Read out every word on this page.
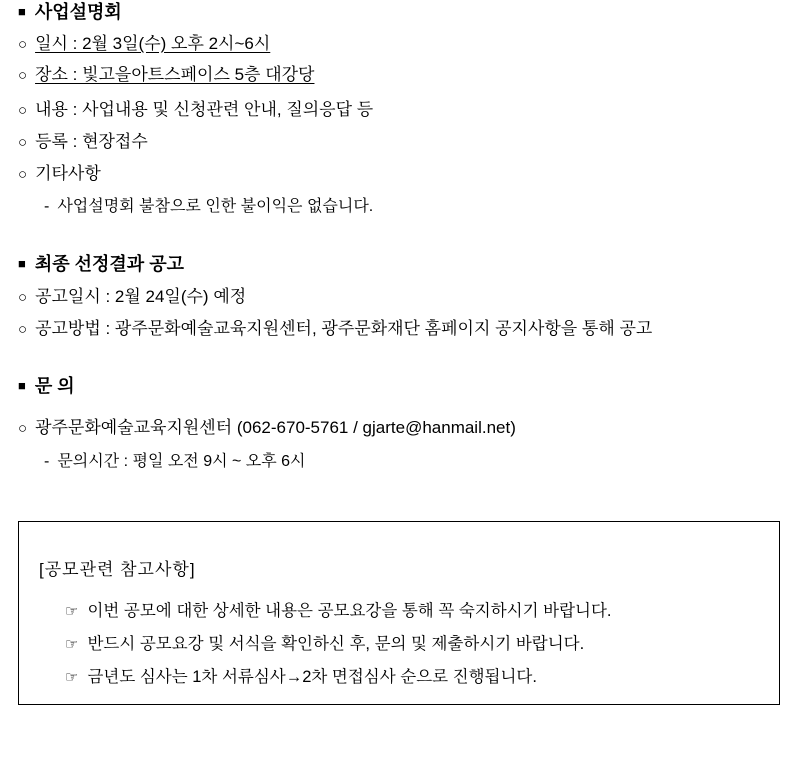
■ 사업설명회
○ 일시 : 2월 3일(수) 오후 2시~6시
○ 장소 : 빛고을아트스페이스 5층 대강당
○ 내용 : 사업내용 및 신청관련 안내, 질의응답 등
○ 등록 : 현장접수
○ 기타사항
- 사업설명회 불참으로 인한 불이익은 없습니다.
■ 최종 선정결과 공고
○ 공고일시 : 2월 24일(수) 예정
○ 공고방법 : 광주문화예술교육지원센터, 광주문화재단 홈페이지 공지사항을 통해 공고
■ 문 의
○ 광주문화예술교육지원센터 (062-670-5761 / gjarte@hanmail.net)
- 문의시간 : 평일 오전 9시 ~ 오후 6시
[공모관련 참고사항]
☞ 이번 공모에 대한 상세한 내용은 공모요강을 통해 꼭 숙지하시기 바랍니다.
☞ 반드시 공모요강 및 서식을 확인하신 후, 문의 및 제출하시기 바랍니다.
☞ 금년도 심사는 1차 서류심사→2차 면접심사 순으로 진행됩니다.
